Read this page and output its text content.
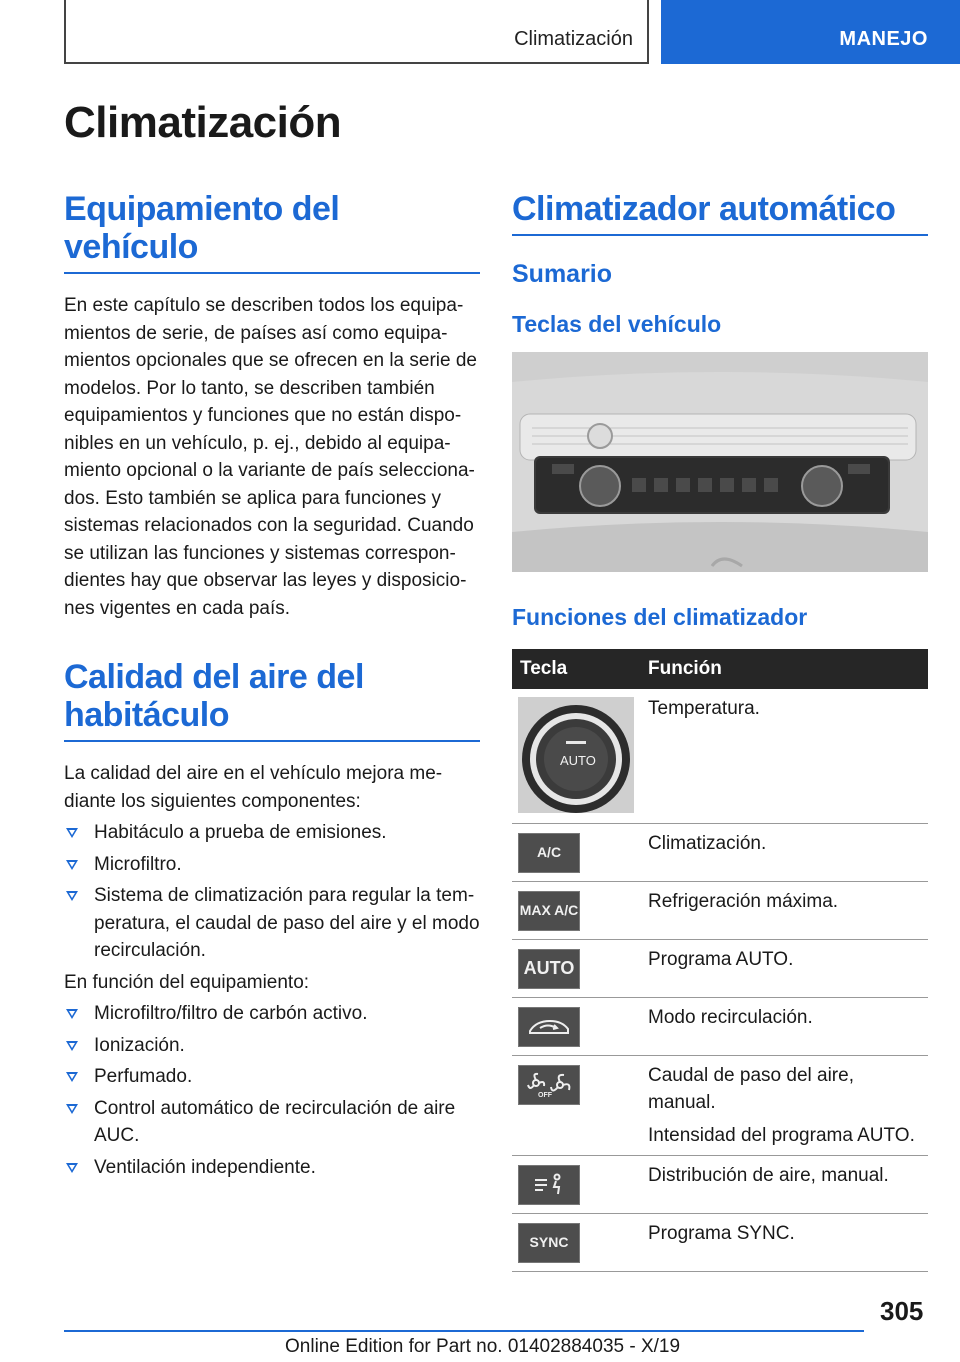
Climatización	MANEJO
Climatización
Equipamiento del vehículo

En este capítulo se describen todos los equipamientos de serie, de países así como equipamientos opcionales que se ofrecen en la serie de modelos. Por lo tanto, se describen también equipamientos y funciones que no están disponibles en un vehículo, p. ej., debido al equipamiento opcional o la variante de país seleccionados. Esto también se aplica para funciones y sistemas relacionados con la seguridad. Cuando se utilizan las funciones y sistemas correspondientes hay que observar las leyes y disposiciones vigentes en cada país.

Calidad del aire del habitáculo

La calidad del aire en el vehículo mejora mediante los siguientes componentes:

Habitáculo a prueba de emisiones.
Microfiltro.
Sistema de climatización para regular la temperatura, el caudal de paso del aire y el modo recirculación.

En función del equipamiento:

Microfiltro/filtro de carbón activo.
Ionización.
Perfumado.
Control automático de recirculación de aire AUC.
Ventilación independiente.
Climatizador automático
Sumario
Teclas del vehículo
Funciones del climatizador
Tecla	Función

AUTO	Temperatura.

A/C	Climatización.

MAX A/C	Refrigeración máxima.

AUTO	Programa AUTO.

	Modo recirculación.

OFF	Caudal de paso del aire, manual.
Intensidad del programa AUTO.

	Distribución de aire, manual.

SYNC	Programa SYNC.
305
Online Edition for Part no. 01402884035 - X/19
